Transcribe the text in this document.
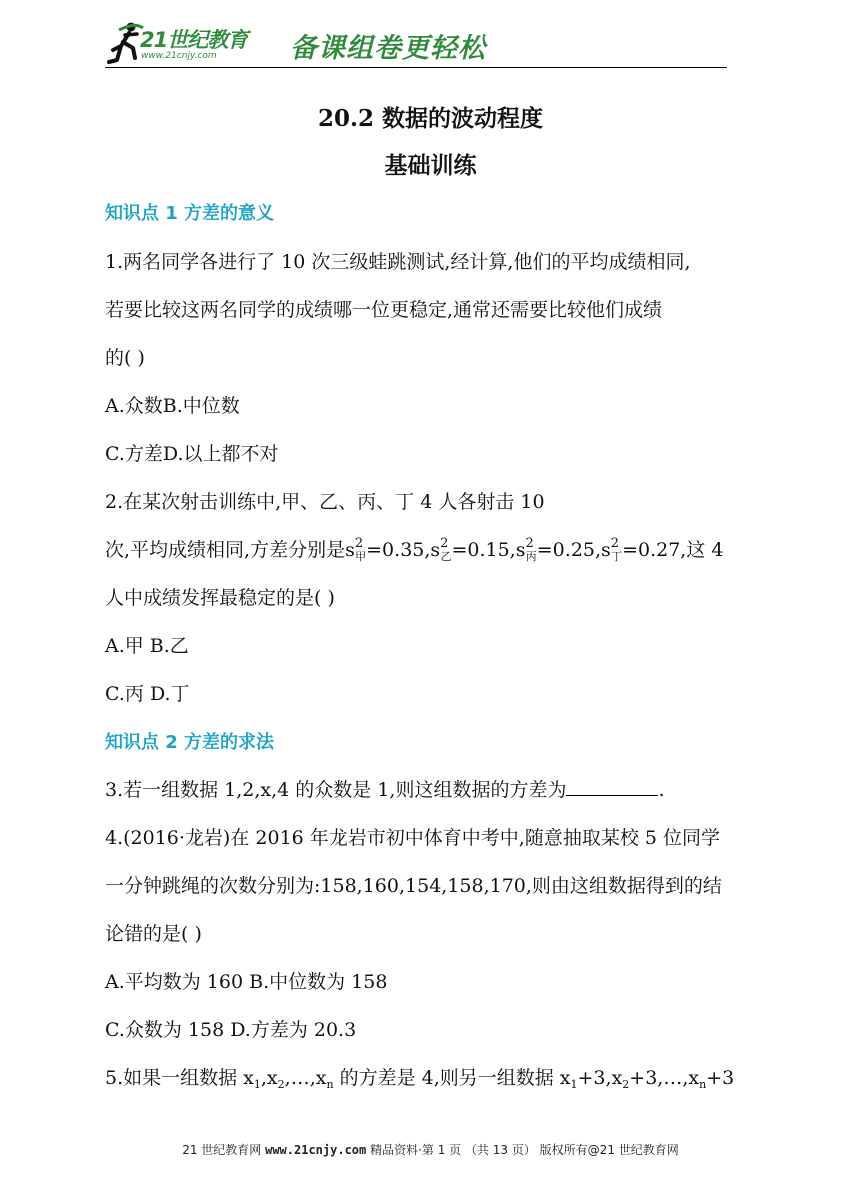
21世纪教育
www.21cnjy.com	备课组卷更轻松
20.2 数据的波动程度
基础训练
知识点 1 方差的意义
1.两名同学各进行了 10 次三级蛙跳测试,经计算,他们的平均成绩相同,
若要比较这两名同学的成绩哪一位更稳定,通常还需要比较他们成绩
的( )
A.众数B.中位数
C.方差D.以上都不对
2.在某次射击训练中,甲、乙、丙、丁 4 人各射击 10
次,平均成绩相同,方差分别是$s^2_甲=0.35,s^2_乙=0.15,s^2_丙=0.25,s^2_丁=0.27$,这 4
人中成绩发挥最稳定的是( )
A.甲 B.乙
C.丙 D.丁
知识点 2 方差的求法
3.若一组数据 1,2,x,4 的众数是 1,则这组数据的方差为	.
4.(2016·龙岩)在 2016 年龙岩市初中体育中考中,随意抽取某校 5 位同学
一分钟跳绳的次数分别为:158,160,154,158,170,则由这组数据得到的结
论错的是( )
A.平均数为 160 B.中位数为 158
C.众数为 158 D.方差为 20.3
5.如果一组数据 $x_1,x_2,\dots,x_n$ 的方差是 4,则另一组数据 $x_1+3,x_2+3,\dots,x_n+3$
21 世纪教育网 www.21cnjy.com 精品资料·第 1 页 （共 13 页） 版权所有@21 世纪教育网
